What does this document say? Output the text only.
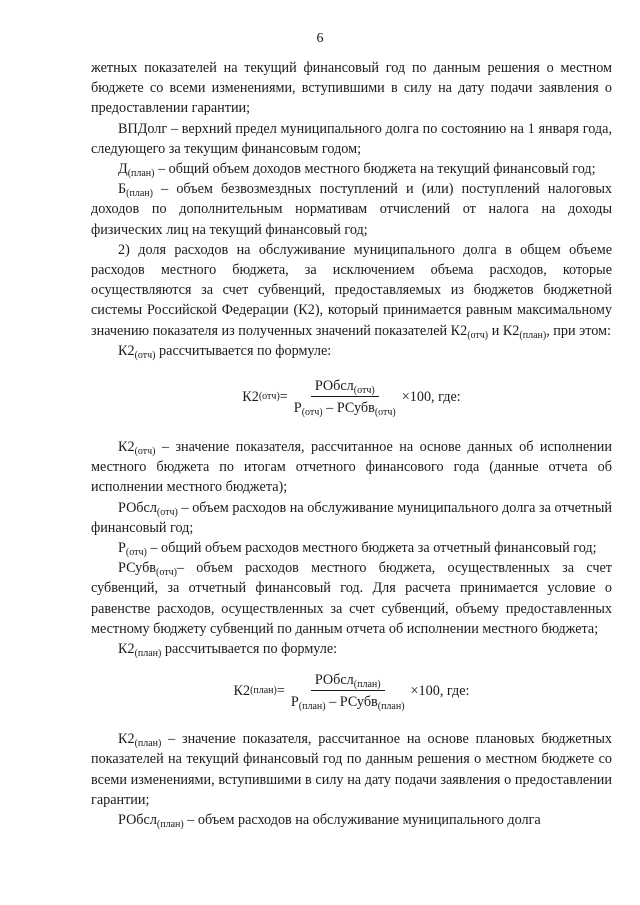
6

жетных показателей на текущий финансовый год по данным решения о местном бюджете со всеми изменениями, вступившими в силу на дату подачи заявления о предоставлении гарантии;

ВПДолг – верхний предел муниципального долга по состоянию на 1 января года, следующего за текущим финансовым годом;

$Д_{(план)}$ – общий объем доходов местного бюджета на текущий финансовый год;

$Б_{(план)}$ – объем безвозмездных поступлений и (или) поступлений налоговых доходов по дополнительным нормативам отчислений от налога на доходы физических лиц на текущий финансовый год;

2) доля расходов на обслуживание муниципального долга в общем объеме расходов местного бюджета, за исключением объема расходов, которые осуществляются за счет субвенций, предоставляемых из бюджетов бюджетной системы Российской Федерации (К2), который принимается равным максимальному значению показателя из полученных значений показателей $К2_{(отч)}$ и $К2_{(план)}$, при этом:

$К2_{(отч)}$ рассчитывается по формуле:

К2 $(отч) = \frac{РОбсл_{(отч)}}{Р_{(отч)} - РСубв_{(отч)}} \times 100$, где:

$К2_{(отч)}$ – значение показателя, рассчитанное на основе данных об исполнении местного бюджета по итогам отчетного финансового года (данные отчета об исполнении местного бюджета);

РОбсл$_{(отч)}$ – объем расходов на обслуживание муниципального долга за отчетный финансовый год;

$Р_{(отч)}$ – общий объем расходов местного бюджета за отчетный финансовый год;

РСубв$_{(отч)}$– объем расходов местного бюджета, осуществленных за счет субвенций, за отчетный финансовый год. Для расчета принимается условие о равенстве расходов, осуществленных за счет субвенций, объему предоставленных местному бюджету субвенций по данным отчета об исполнении местного бюджета;

$К2_{(план)}$ рассчитывается по формуле:

К2 (план) = $\frac{РОбсл_{(план)}}{Р_{(план)} - РСубв_{(план)}} \times 100$, где:

$К2_{(план)}$ – значение показателя, рассчитанное на основе плановых бюджетных показателей на текущий финансовый год по данным решения о местном бюджете со всеми изменениями, вступившими в силу на дату подачи заявления о предоставлении гарантии;

РОбсл$_{(план)}$ – объем расходов на обслуживание муниципального долга
